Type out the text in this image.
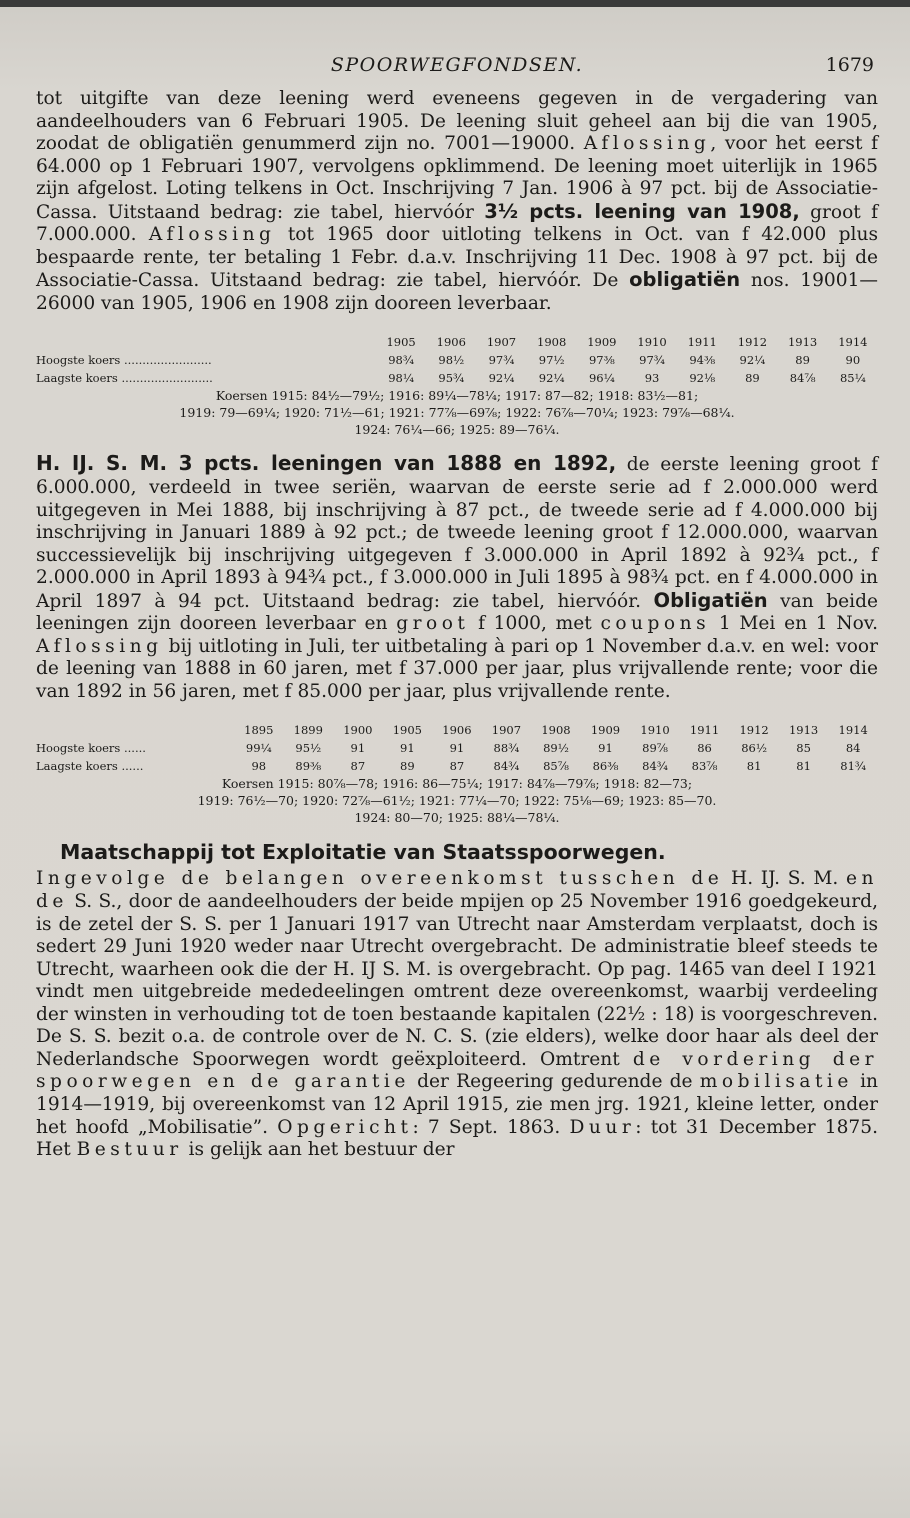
SPOORWEGFONDSEN.	1679

tot uitgifte van deze leening werd eveneens gegeven in de vergadering van aandeelhouders van 6 Februari 1905. De leening sluit geheel aan bij die van 1905, zoodat de obligatiën genummerd zijn no. 7001—19000. Aflossing, voor het eerst f 64.000 op 1 Februari 1907, vervolgens opklimmend. De leening moet uiterlijk in 1965 zijn afgelost. Loting telkens in Oct. Inschrijving 7 Jan. 1906 à 97 pct. bij de Associatie-Cassa. Uitstaand bedrag: zie tabel, hiervóór 3½ pcts. leening van 1908, groot f 7.000.000. Aflossing tot 1965 door uitloting telkens in Oct. van f 42.000 plus bespaarde rente, ter betaling 1 Febr. d.a.v. Inschrijving 11 Dec. 1908 à 97 pct. bij de Associatie-Cassa. Uitstaand bedrag: zie tabel, hiervóór. De obligatiën nos. 19001—26000 van 1905, 1906 en 1908 zijn dooreen leverbaar.

	1905	1906	1907	1908	1909	1910	1911	1912	1913	1914
Hoogste koers ........................	98¾	98½	97¾	97½	97⅜	97¾	94⅜	92¼	89	90
Laagste koers .........................	98¼	95¾	92¼	92¼	96¼	93	92⅛	89	84⅞	85¼
Koersen 1915: 84½—79½; 1916: 89¼—78¼; 1917: 87—82; 1918: 83½—81;
1919: 79—69¼; 1920: 71½—61; 1921: 77⅞—69⅞; 1922: 76⅞—70¼; 1923: 79⅞—68¼.
1924: 76¼—66; 1925: 89—76¼.

H. IJ. S. M. 3 pcts. leeningen van 1888 en 1892, de eerste leening groot f 6.000.000, verdeeld in twee seriën, waarvan de eerste serie ad f 2.000.000 werd uitgegeven in Mei 1888, bij inschrijving à 87 pct., de tweede serie ad f 4.000.000 bij inschrijving in Januari 1889 à 92 pct.; de tweede leening groot f 12.000.000, waarvan successievelijk bij inschrijving uitgegeven f 3.000.000 in April 1892 à 92¾ pct., f 2.000.000 in April 1893 à 94¾ pct., f 3.000.000 in Juli 1895 à 98¾ pct. en f 4.000.000 in April 1897 à 94 pct. Uitstaand bedrag: zie tabel, hiervóór. Obligatiën van beide leeningen zijn dooreen leverbaar en groot f 1000, met coupons 1 Mei en 1 Nov. Aflossing bij uitloting in Juli, ter uitbetaling à pari op 1 November d.a.v. en wel: voor de leening van 1888 in 60 jaren, met f 37.000 per jaar, plus vrijvallende rente; voor die van 1892 in 56 jaren, met f 85.000 per jaar, plus vrijvallende rente.

	1895	1899	1900	1905	1906	1907	1908	1909	1910	1911	1912	1913	1914
Hoogste koers ......	99¼	95½	91	91	91	88¾	89½	91	89⅞	86	86½	85	84
Laagste koers ......	98	89⅜	87	89	87	84¾	85⅞	86⅜	84¾	83⅞	81	81	81¾
Koersen 1915: 80⅞—78; 1916: 86—75¼; 1917: 84⅞—79⅞; 1918: 82—73;
1919: 76½—70; 1920: 72⅞—61½; 1921: 77¼—70; 1922: 75⅛—69; 1923: 85—70.
1924: 80—70; 1925: 88¼—78¼.
Maatschappij tot Exploitatie van Staatsspoorwegen.

Ingevolge de belangen overeenkomst tusschen de H. IJ. S. M. en de S. S., door de aandeelhouders der beide mpijen op 25 November 1916 goedgekeurd, is de zetel der S. S. per 1 Januari 1917 van Utrecht naar Amsterdam verplaatst, doch is sedert 29 Juni 1920 weder naar Utrecht overgebracht. De administratie bleef steeds te Utrecht, waarheen ook die der H. IJ S. M. is overgebracht. Op pag. 1465 van deel I 1921 vindt men uitgebreide mededeelingen omtrent deze overeenkomst, waarbij verdeeling der winsten in verhouding tot de toen bestaande kapitalen (22½ : 18) is voorgeschreven. De S. S. bezit o.a. de controle over de N. C. S. (zie elders), welke door haar als deel der Nederlandsche Spoorwegen wordt geëxploiteerd. Omtrent de vordering der spoorwegen en de garantie der Regeering gedurende de mobilisatie in 1914—1919, bij overeenkomst van 12 April 1915, zie men jrg. 1921, kleine letter, onder het hoofd „Mobilisatie”. Opgericht: 7 Sept. 1863. Duur: tot 31 December 1875. Het Bestuur is gelijk aan het bestuur der
